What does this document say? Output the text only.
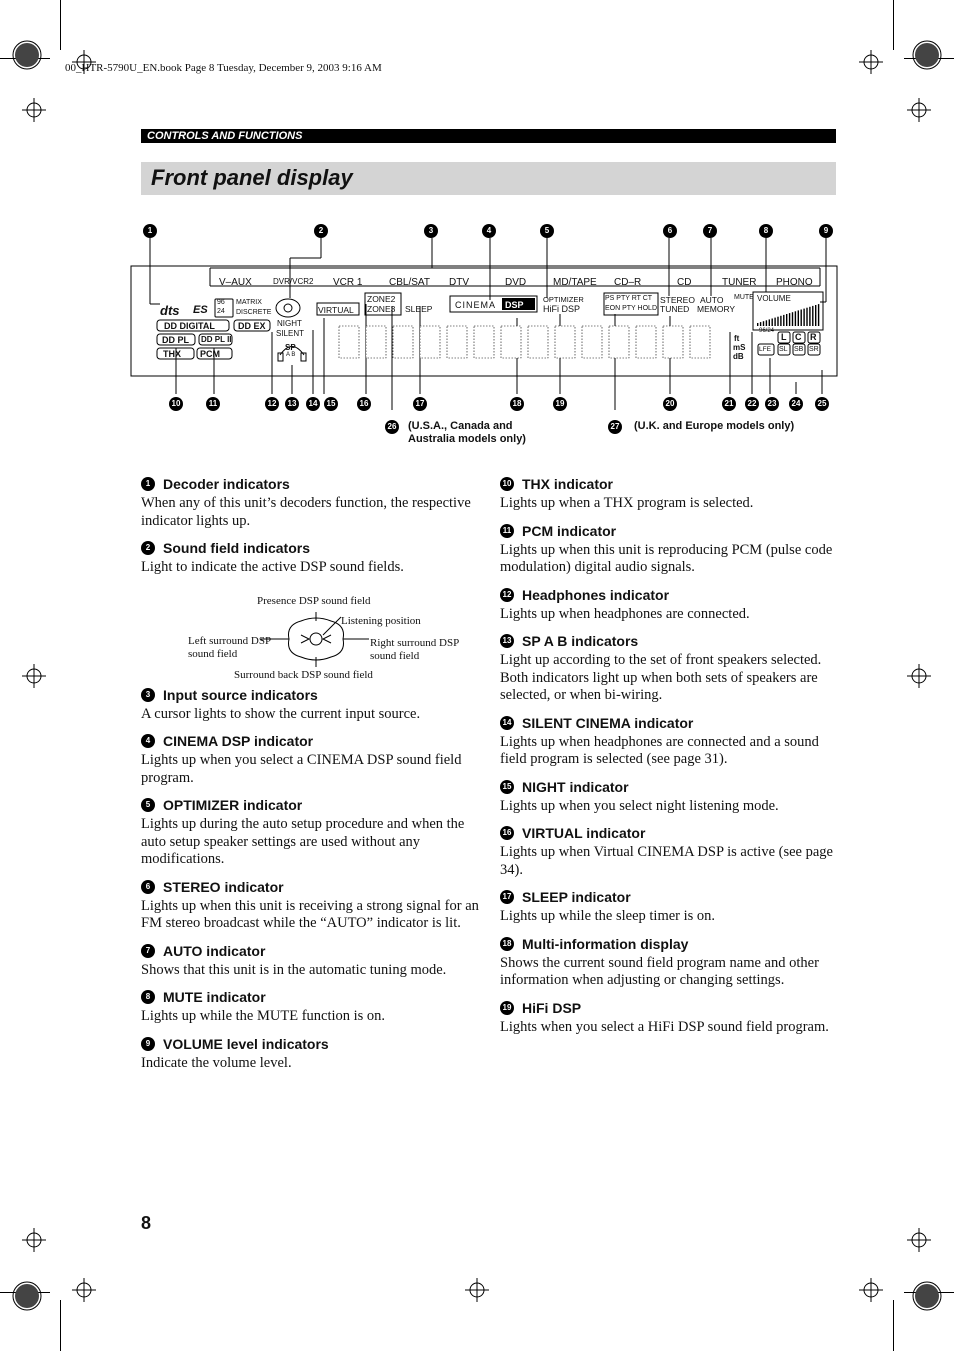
00_HTR-5790U_EN.book Page 8 Tuesday, December 9, 2003 9:16 AM
CONTROLS AND FUNCTIONS
Front panel display
1	2	3	4	5	6	7	8	9
10	11	12	13	14	15	16	17	18	19	20	21	22	23	24	25
V–AUX	DVR/VCR2 VCR 1	CBL/SAT DTV	DVD	MD/TAPE CD–R	CD	TUNER PHONO
dts ES
96
24
MATRIX
DISCRETE
DD DIGITAL	DD EX
DD PL DD PL II
THX PCM
NIGHT
SILENT
SP
A B
VIRTUAL
ZONE2
ZONE3 SLEEP	CINEMA DSP
OPTIMIZER
HiFi DSP
PS PTY RT CT
EON PTY HOLD
STEREO AUTO
TUNED MEMORY
MUTE VOLUME
ft
mS
dB
96/24
L C R
LFE SL SB SR
26 (U.S.A., Canada and Australia models only)
27 (U.K. and Europe models only)
1 Decoder indicators

When any of this unit’s decoders function, the respective indicator lights up.

2 Sound field indicators

Light to indicate the active DSP sound fields.

Presence DSP sound field
Listening position
Left surround DSP sound field
Right surround DSP sound field
Surround back DSP sound field
3 Input source indicators

A cursor lights to show the current input source.

4 CINEMA DSP indicator

Lights up when you select a CINEMA DSP sound field program.

5 OPTIMIZER indicator

Lights up during the auto setup procedure and when the auto setup speaker settings are used without any modifications.

6 STEREO indicator

Lights up when this unit is receiving a strong signal for an FM stereo broadcast while the “AUTO” indicator is lit.

7 AUTO indicator

Shows that this unit is in the automatic tuning mode.

8 MUTE indicator

Lights up while the MUTE function is on.

9 VOLUME level indicators

Indicate the volume level.

10 THX indicator

Lights up when a THX program is selected.

11 PCM indicator

Lights up when this unit is reproducing PCM (pulse code modulation) digital audio signals.

12 Headphones indicator

Lights up when headphones are connected.

13 SP A B indicators

Light up according to the set of front speakers selected. Both indicators light up when both sets of speakers are selected, or when bi-wiring.

14 SILENT CINEMA indicator

Lights up when headphones are connected and a sound field program is selected (see page 31).

15 NIGHT indicator

Lights up when you select night listening mode.

16 VIRTUAL indicator

Lights up when Virtual CINEMA DSP is active (see page 34).

17 SLEEP indicator

Lights up while the sleep timer is on.

18 Multi-information display

Shows the current sound field program name and other information when adjusting or changing settings.

19 HiFi DSP

Lights when you select a HiFi DSP sound field program.

8
